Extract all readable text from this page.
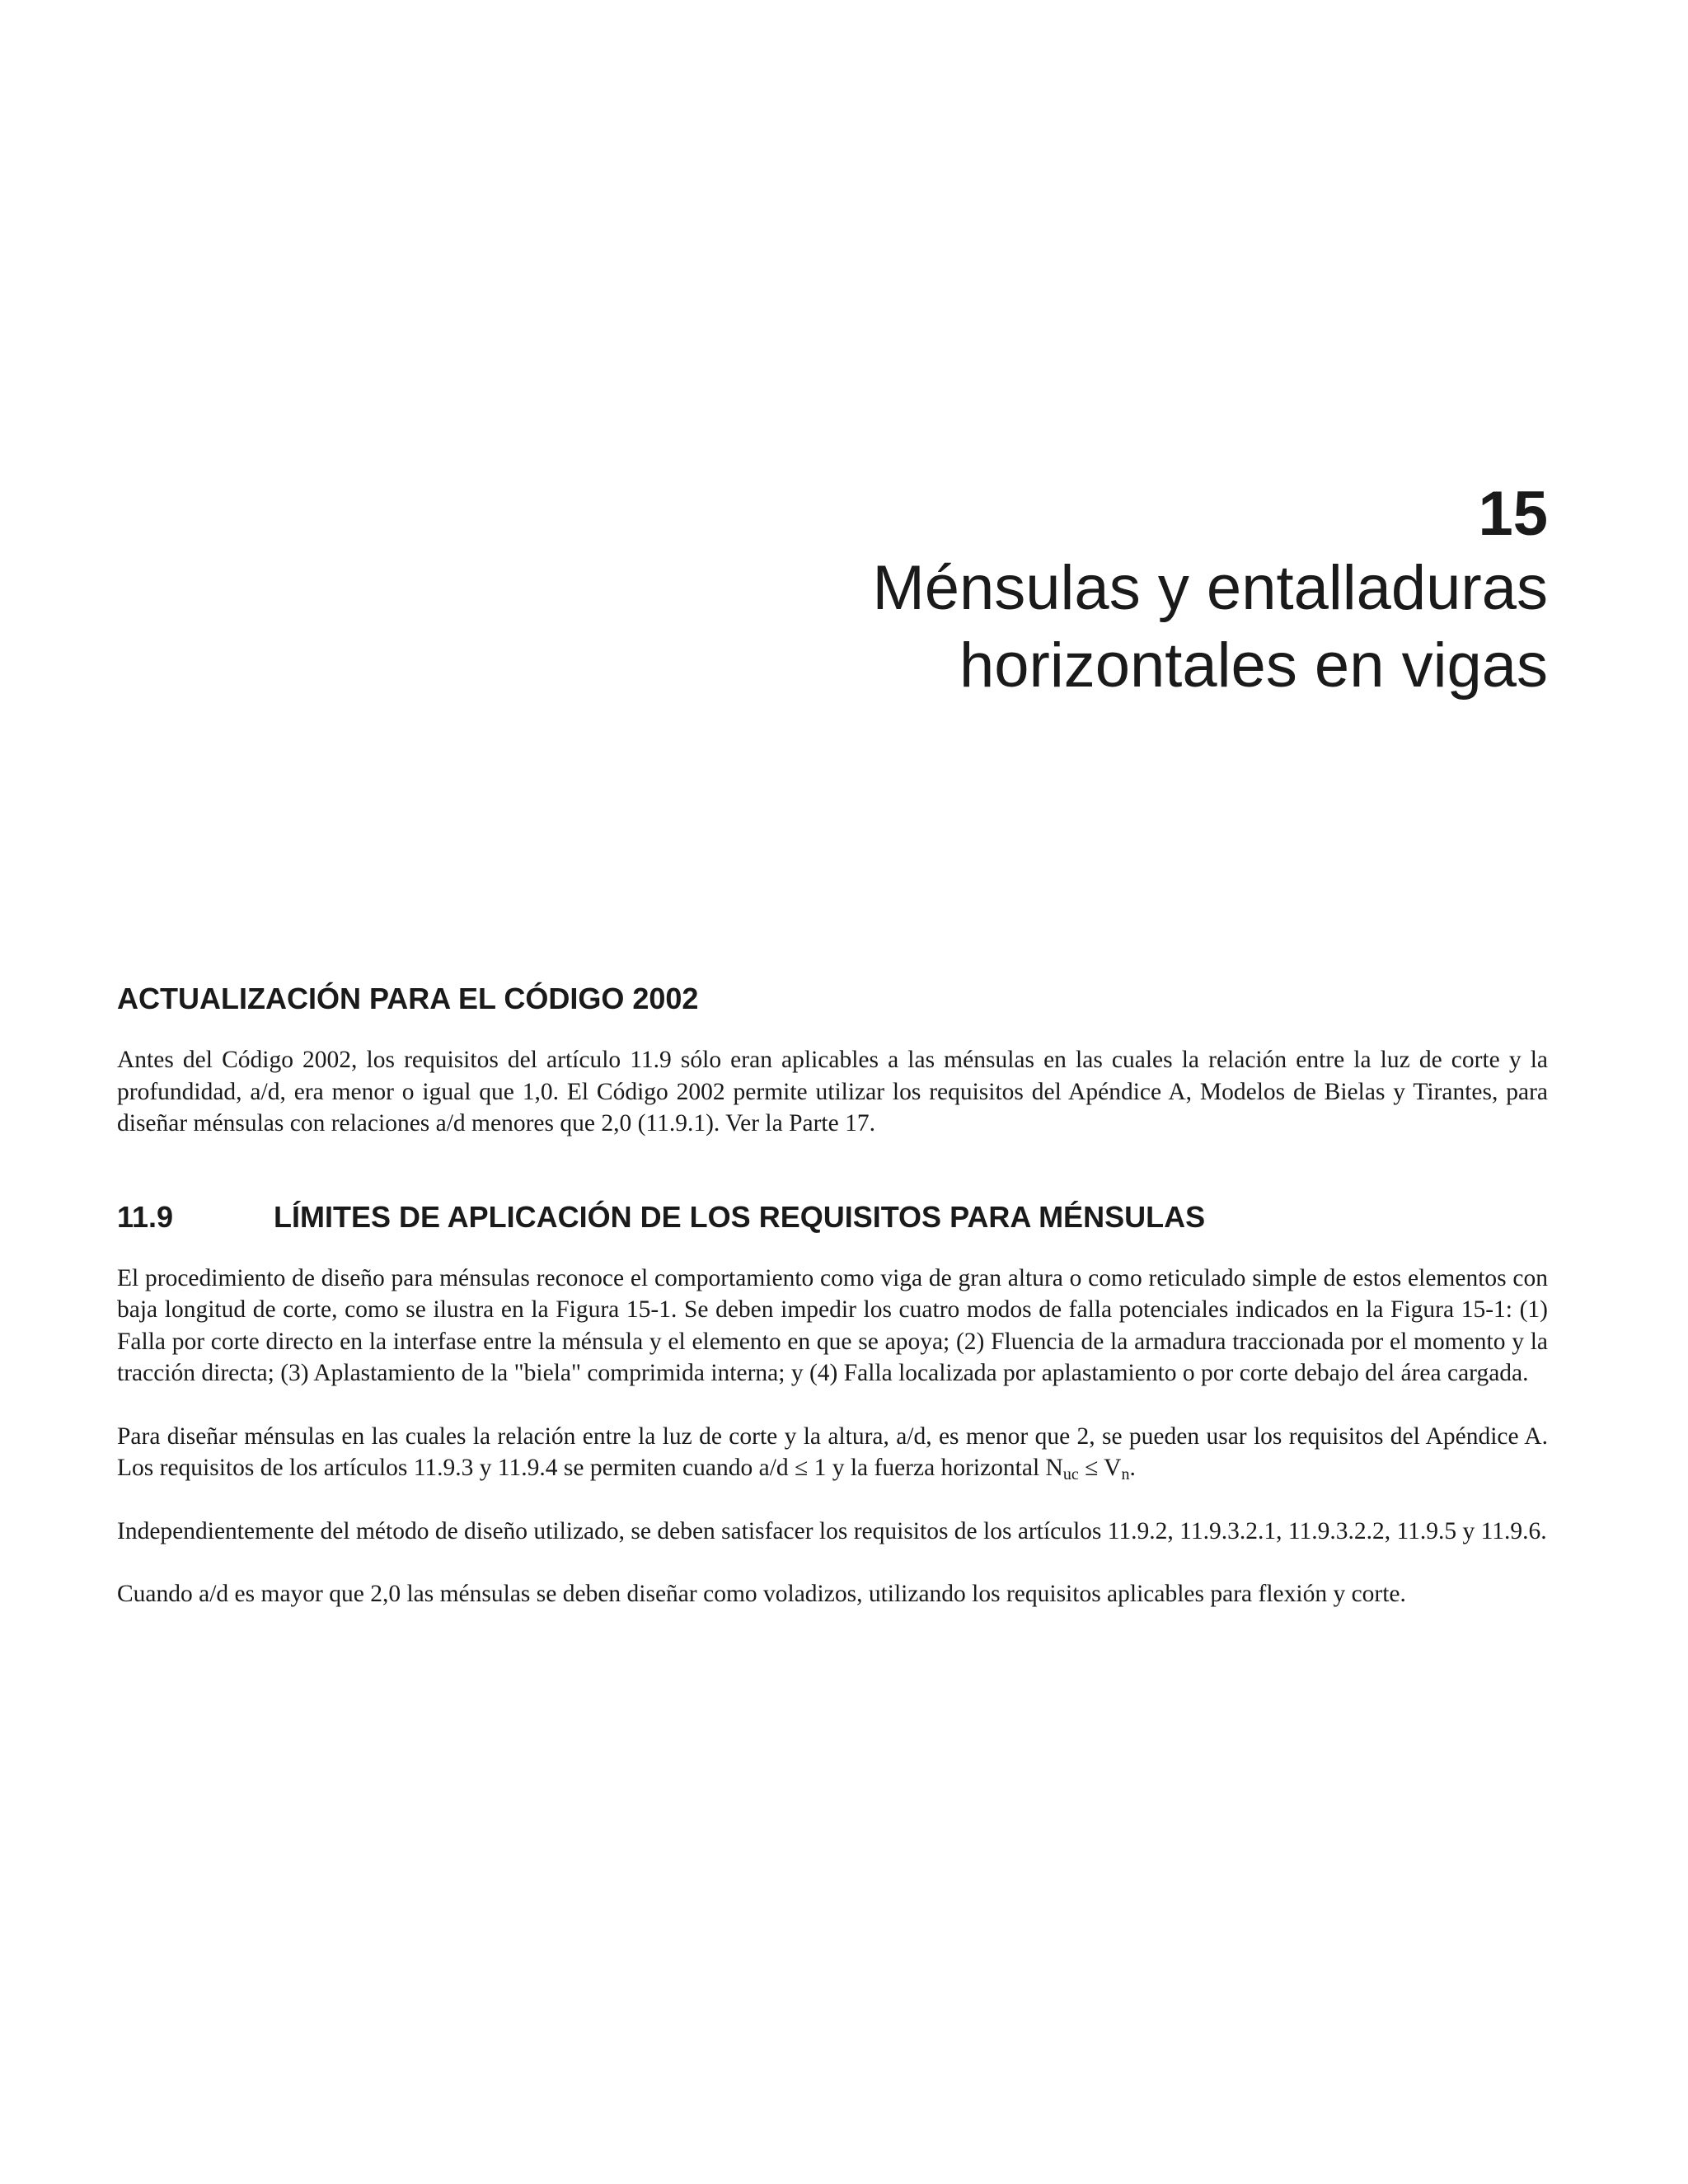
15
Ménsulas y entalladuras
horizontales en vigas
ACTUALIZACIÓN PARA EL CÓDIGO 2002

Antes del Código 2002, los requisitos del artículo 11.9 sólo eran aplicables a las ménsulas en las cuales la relación entre la luz de corte y la profundidad, a/d, era menor o igual que 1,0. El Código 2002 permite utilizar los requisitos del Apéndice A, Modelos de Bielas y Tirantes, para diseñar ménsulas con relaciones a/d menores que 2,0 (11.9.1). Ver la Parte 17.

11.9	LÍMITES DE APLICACIÓN DE LOS REQUISITOS PARA MÉNSULAS

El procedimiento de diseño para ménsulas reconoce el comportamiento como viga de gran altura o como reticulado simple de estos elementos con baja longitud de corte, como se ilustra en la Figura 15-1. Se deben impedir los cuatro modos de falla potenciales indicados en la Figura 15-1: (1) Falla por corte directo en la interfase entre la ménsula y el elemento en que se apoya; (2) Fluencia de la armadura traccionada por el momento y la tracción directa; (3) Aplastamiento de la "biela" comprimida interna; y (4) Falla localizada por aplastamiento o por corte debajo del área cargada.

Para diseñar ménsulas en las cuales la relación entre la luz de corte y la altura, a/d, es menor que 2, se pueden usar los requisitos del Apéndice A. Los requisitos de los artículos 11.9.3 y 11.9.4 se permiten cuando a/d ≤ 1 y la fuerza horizontal $N_{uc} \le V_n$.

Independientemente del método de diseño utilizado, se deben satisfacer los requisitos de los artículos 11.9.2, 11.9.3.2.1, 11.9.3.2.2, 11.9.5 y 11.9.6.

Cuando a/d es mayor que 2,0 las ménsulas se deben diseñar como voladizos, utilizando los requisitos aplicables para flexión y corte.
